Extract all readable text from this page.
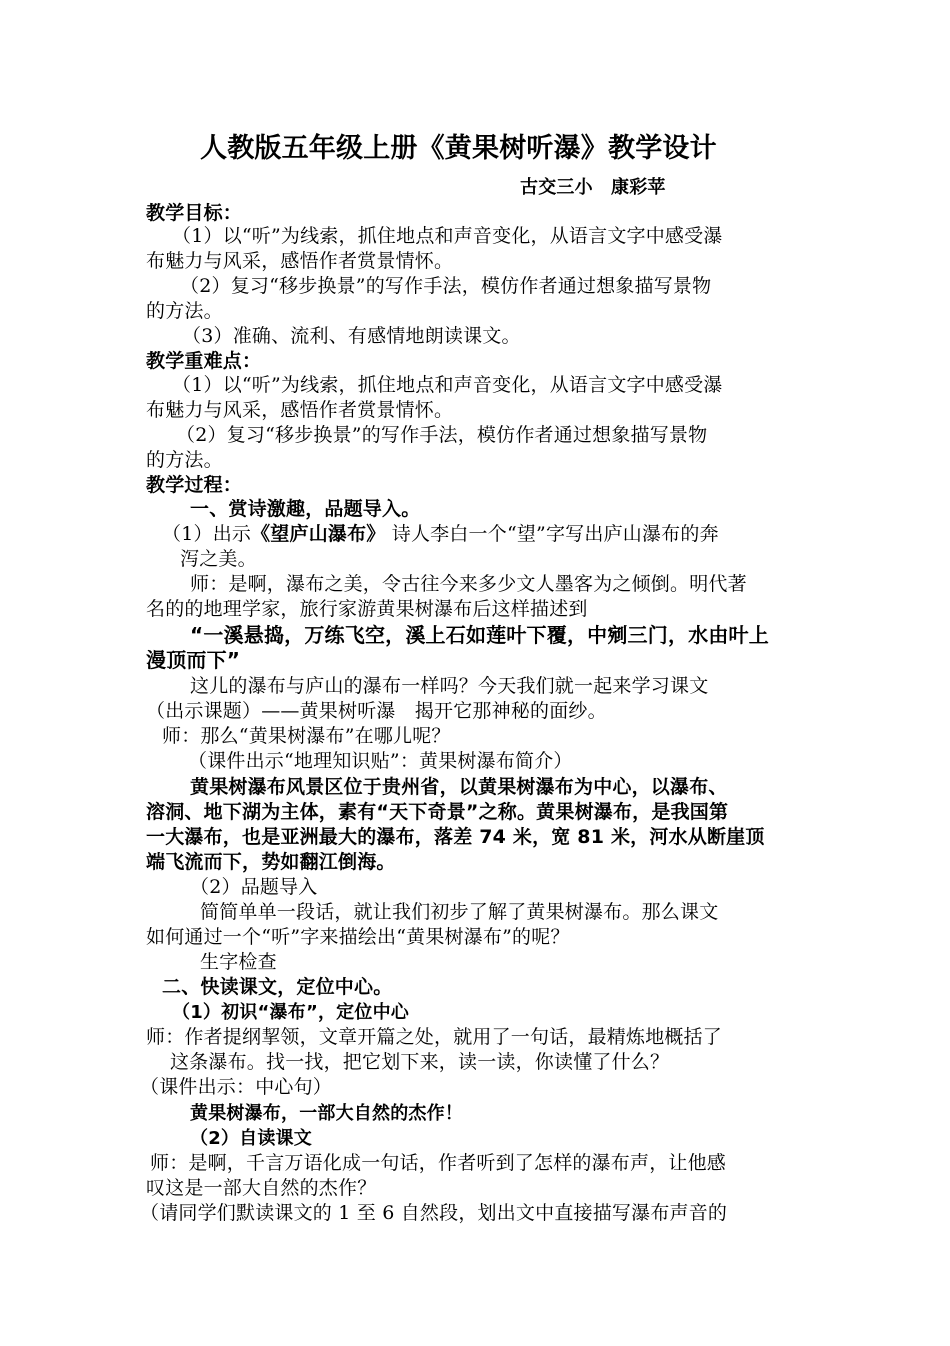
人教版五年级上册《黄果树听瀑》教学设计
古交三小　康彩苹
教学目标：
（1）以“听”为线索，抓住地点和声音变化，从语言文字中感受瀑
布魅力与风采，感悟作者赏景情怀。
（2）复习“移步换景”的写作手法，模仿作者通过想象描写景物
的方法。
（3）准确、流利、有感情地朗读课文。
教学重难点：
（1）以“听”为线索，抓住地点和声音变化，从语言文字中感受瀑
布魅力与风采，感悟作者赏景情怀。
（2）复习“移步换景”的写作手法，模仿作者通过想象描写景物
的方法。
教学过程：
一、赏诗激趣，品题导入。
（1）出示《望庐山瀑布》 诗人李白一个“望”字写出庐山瀑布的奔
泻之美。
师：是啊，瀑布之美，令古往今来多少文人墨客为之倾倒。明代著
名的的地理学家，旅行家游黄果树瀑布后这样描述到
“一溪悬捣，万练飞空，溪上石如莲叶下覆，中剜三门，水由叶上
漫顶而下”
这儿的瀑布与庐山的瀑布一样吗？今天我们就一起来学习课文
（出示课题）——黄果树听瀑　揭开它那神秘的面纱。
师：那么“黄果树瀑布”在哪儿呢？
（课件出示“地理知识贴”：黄果树瀑布简介）
黄果树瀑布风景区位于贵州省，以黄果树瀑布为中心，以瀑布、
溶洞、地下湖为主体，素有“天下奇景”之称。黄果树瀑布，是我国第
一大瀑布，也是亚洲最大的瀑布，落差 74 米，宽 81 米，河水从断崖顶
端飞流而下，势如翻江倒海。
（2）品题导入
简简单单一段话，就让我们初步了解了黄果树瀑布。那么课文
如何通过一个“听”字来描绘出“黄果树瀑布”的呢？
生字检查
二、快读课文，定位中心。
（1）初识“瀑布”，定位中心
师：作者提纲挈领，文章开篇之处，就用了一句话，最精炼地概括了
这条瀑布。找一找，把它划下来，读一读，你读懂了什么？
（课件出示：中心句）
黄果树瀑布，一部大自然的杰作！
（2）自读课文
师：是啊，千言万语化成一句话，作者听到了怎样的瀑布声，让他感
叹这是一部大自然的杰作？
（请同学们默读课文的 1 至 6 自然段，划出文中直接描写瀑布声音的
